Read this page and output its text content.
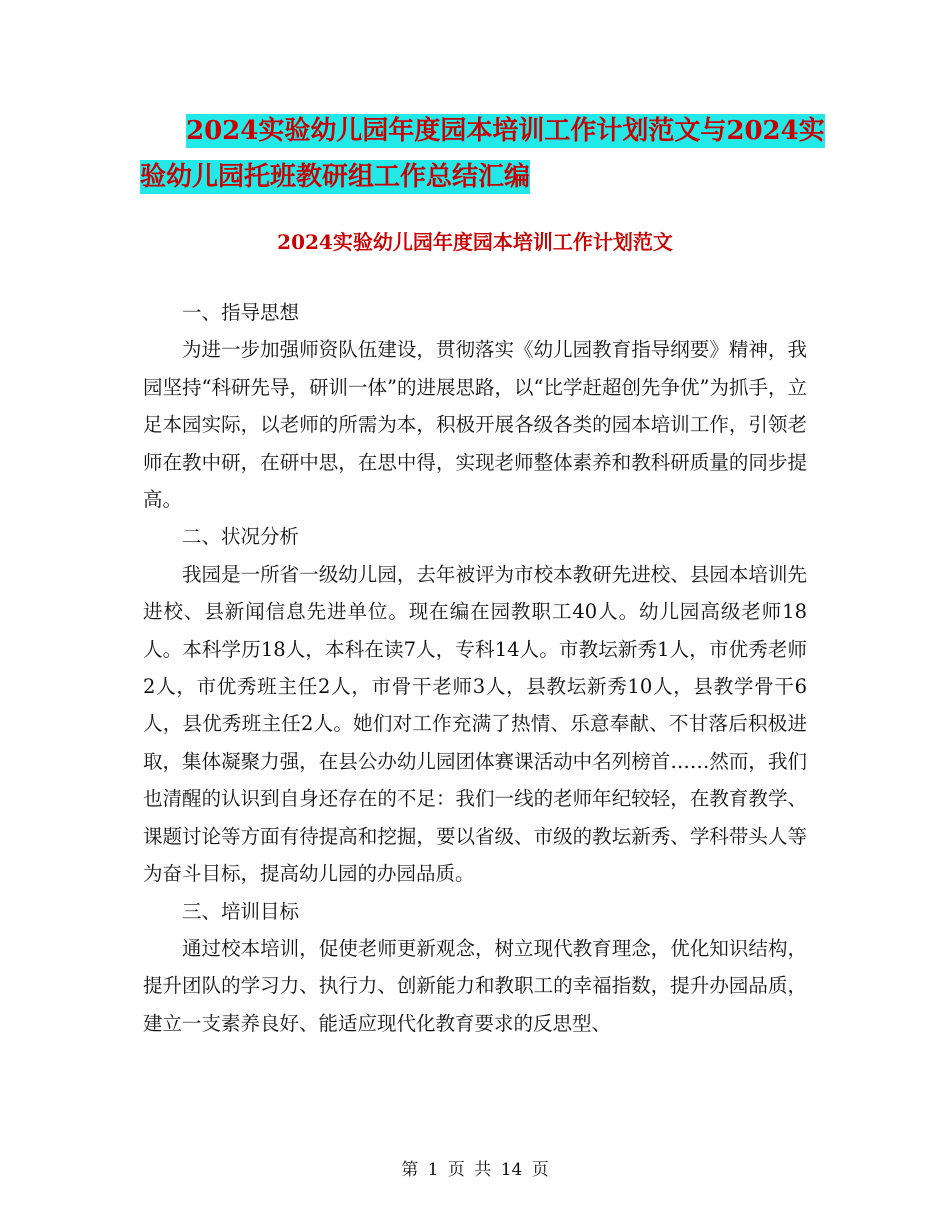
2024实验幼儿园年度园本培训工作计划范文与2024实
验幼儿园托班教研组工作总结汇编
2024实验幼儿园年度园本培训工作计划范文

一、指导思想

为进一步加强师资队伍建设，贯彻落实《幼儿园教育指导纲要》精神，我园坚持“科研先导，研训一体”的进展思路，以“比学赶超创先争优”为抓手，立足本园实际，以老师的所需为本，积极开展各级各类的园本培训工作，引领老师在教中研，在研中思，在思中得，实现老师整体素养和教科研质量的同步提高。

二、状况分析

我园是一所省一级幼儿园，去年被评为市校本教研先进校、县园本培训先进校、县新闻信息先进单位。现在编在园教职工40人。幼儿园高级老师18人。本科学历18人，本科在读7人，专科14人。市教坛新秀1人，市优秀老师2人，市优秀班主任2人，市骨干老师3人，县教坛新秀10人，县教学骨干6人，县优秀班主任2人。她们对工作充满了热情、乐意奉献、不甘落后积极进取，集体凝聚力强，在县公办幼儿园团体赛课活动中名列榜首……然而，我们也清醒的认识到自身还存在的不足：我们一线的老师年纪较轻，在教育教学、课题讨论等方面有待提高和挖掘，要以省级、市级的教坛新秀、学科带头人等为奋斗目标，提高幼儿园的办园品质。

三、培训目标

通过校本培训，促使老师更新观念，树立现代教育理念，优化知识结构，提升团队的学习力、执行力、创新能力和教职工的幸福指数，提升办园品质，建立一支素养良好、能适应现代化教育要求的反思型、

第 1 页 共 14 页
